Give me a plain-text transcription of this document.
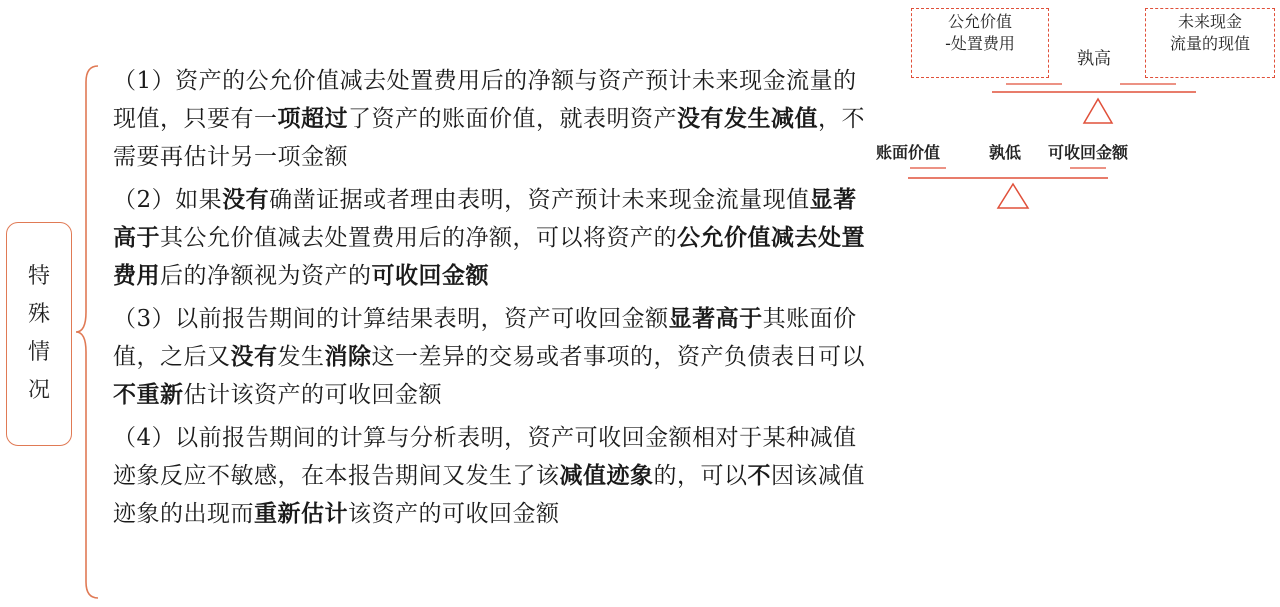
特
殊
情
况
（1）资产的公允价值减去处置费用后的净额与资产预计未来现金流量的现值，只要有一项超过了资产的账面价值，就表明资产没有发生减值，不需要再估计另一项金额
（2）如果没有确凿证据或者理由表明，资产预计未来现金流量现值显著高于其公允价值减去处置费用后的净额，可以将资产的公允价值减去处置费用后的净额视为资产的可收回金额
（3）以前报告期间的计算结果表明，资产可收回金额显著高于其账面价值，之后又没有发生消除这一差异的交易或者事项的，资产负债表日可以不重新估计该资产的可收回金额
（4）以前报告期间的计算与分析表明，资产可收回金额相对于某种减值迹象反应不敏感，在本报告期间又发生了该减值迹象的，可以不因该减值迹象的出现而重新估计该资产的可收回金额
公允价值
-处置费用
未来现金
流量的现值
孰高
账面价值	孰低 可收回金额
